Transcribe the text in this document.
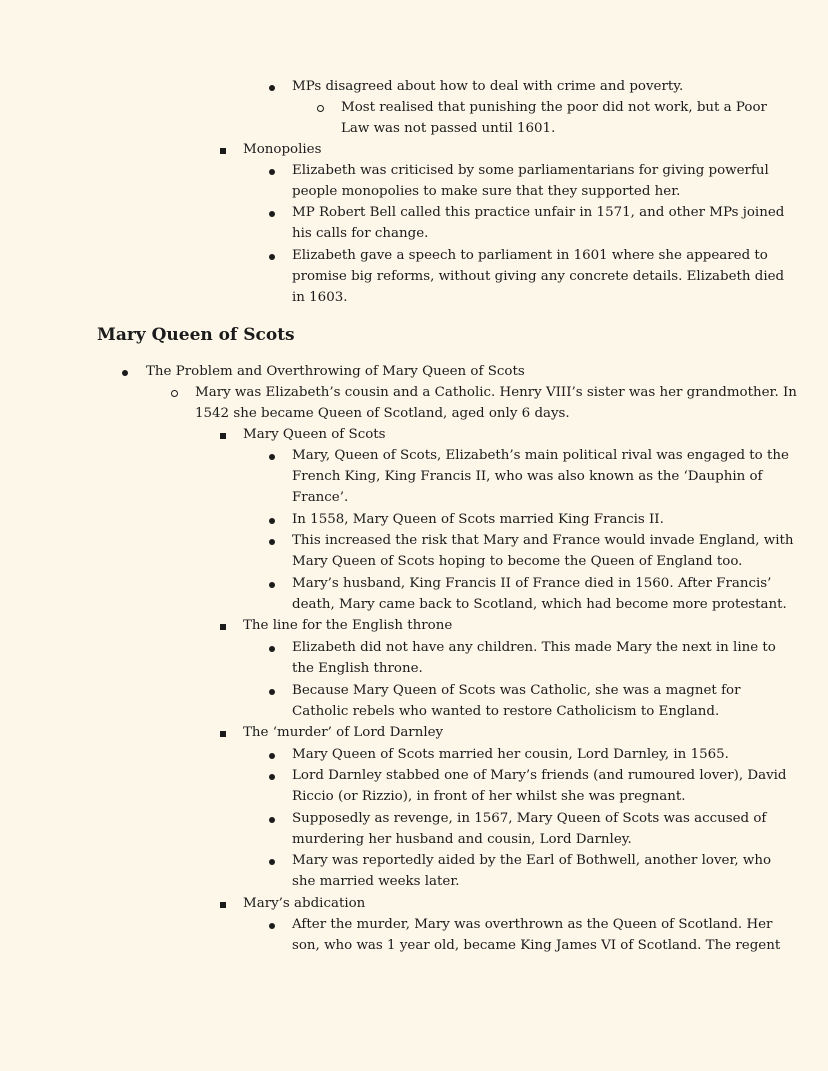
MPs disagreed about how to deal with crime and poverty.
Most realised that punishing the poor did not work, but a Poor
Law was not passed until 1601.
Monopolies
Elizabeth was criticised by some parliamentarians for giving powerful
people monopolies to make sure that they supported her.
MP Robert Bell called this practice unfair in 1571, and other MPs joined
his calls for change.
Elizabeth gave a speech to parliament in 1601 where she appeared to
promise big reforms, without giving any concrete details. Elizabeth died
in 1603.
Mary Queen of Scots
The Problem and Overthrowing of Mary Queen of Scots
Mary was Elizabeth’s cousin and a Catholic. Henry VIII’s sister was her grandmother. In
1542 she became Queen of Scotland, aged only 6 days.
Mary Queen of Scots
Mary, Queen of Scots, Elizabeth’s main political rival was engaged to the
French King, King Francis II, who was also known as the ‘Dauphin of
France’.
In 1558, Mary Queen of Scots married King Francis II.
This increased the risk that Mary and France would invade England, with
Mary Queen of Scots hoping to become the Queen of England too.
Mary’s husband, King Francis II of France died in 1560. After Francis’
death, Mary came back to Scotland, which had become more protestant.
The line for the English throne
Elizabeth did not have any children. This made Mary the next in line to
the English throne.
Because Mary Queen of Scots was Catholic, she was a magnet for
Catholic rebels who wanted to restore Catholicism to England.
The ‘murder’ of Lord Darnley
Mary Queen of Scots married her cousin, Lord Darnley, in 1565.
Lord Darnley stabbed one of Mary’s friends (and rumoured lover), David
Riccio (or Rizzio), in front of her whilst she was pregnant.
Supposedly as revenge, in 1567, Mary Queen of Scots was accused of
murdering her husband and cousin, Lord Darnley.
Mary was reportedly aided by the Earl of Bothwell, another lover, who
she married weeks later.
Mary’s abdication
After the murder, Mary was overthrown as the Queen of Scotland. Her
son, who was 1 year old, became King James VI of Scotland. The regent
